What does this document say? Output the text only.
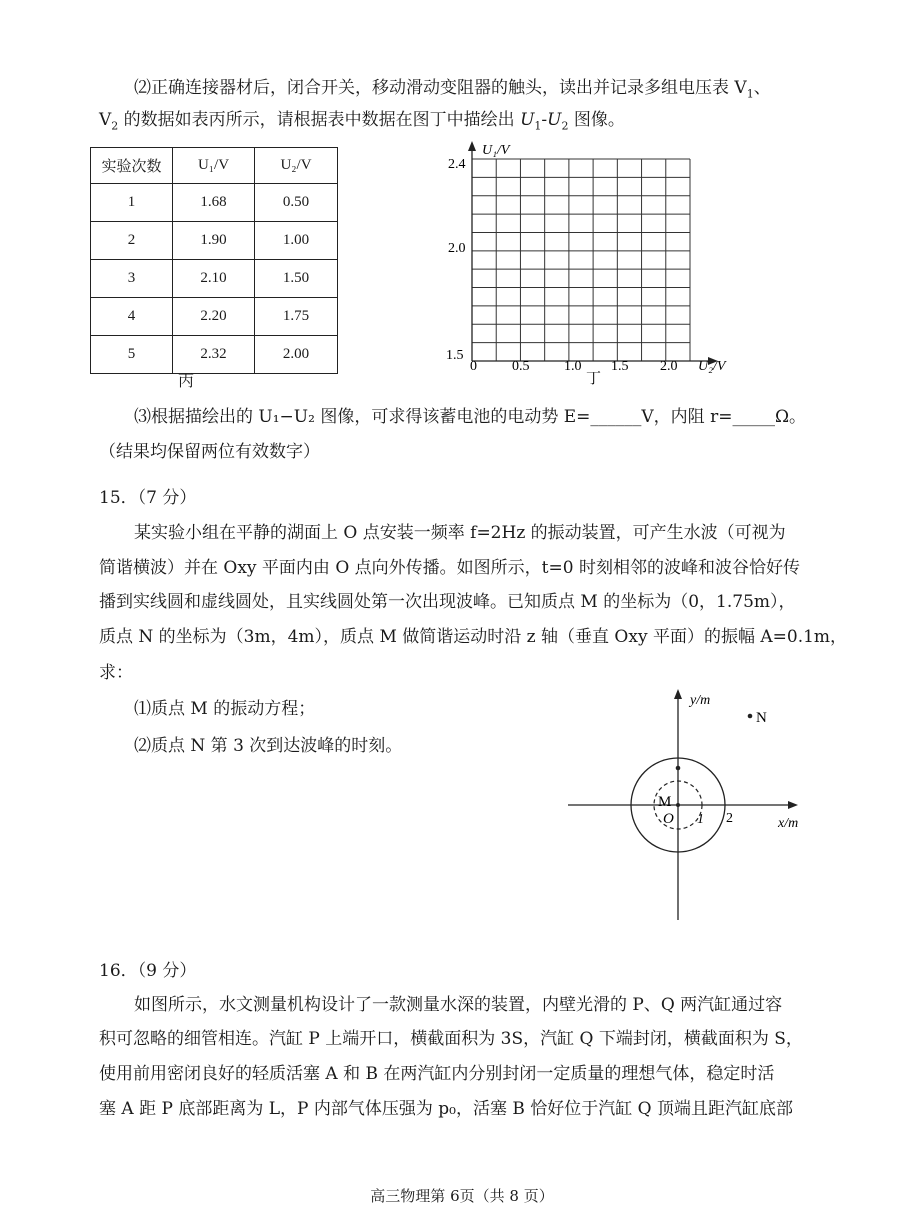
⑵正确连接器材后，闭合开关，移动滑动变阻器的触头，读出并记录多组电压表 $V_1$、
$V_2$ 的数据如表丙所示，请根据表中数据在图丁中描绘出 $U_1-U_2$ 图像。
实验次数	U₁/V	U₂/V
1	1.68	0.50
2	1.90	1.00
3	2.10	1.50
4	2.20	1.75
5	2.32	2.00
丙
U₁/V
U₂/V
2.4
2.0
1.5
0	0.5 1.0 1.5 2.0
丁
⑶根据描绘出的 U₁−U₂ 图像，可求得该蓄电池的电动势 E=______V，内阻 r=_____Ω。
（结果均保留两位有效数字）
15．（7 分）
某实验小组在平静的湖面上 O 点安装一频率 f=2Hz 的振动装置，可产生水波（可视为
简谐横波）并在 Oxy 平面内由 O 点向外传播。如图所示，t=0 时刻相邻的波峰和波谷恰好传
播到实线圆和虚线圆处，且实线圆处第一次出现波峰。已知质点 M 的坐标为（0，1.75m），
质点 N 的坐标为（3m，4m），质点 M 做简谐运动时沿 z 轴（垂直 Oxy 平面）的振幅 A=0.1m，
求：
⑴质点 M 的振动方程；
⑵质点 N 第 3 次到达波峰的时刻。
y/m
x/m
N
M
O 1 2
16．（9 分）
如图所示，水文测量机构设计了一款测量水深的装置，内壁光滑的 P、Q 两汽缸通过容
积可忽略的细管相连。汽缸 P 上端开口，横截面积为 3S，汽缸 Q 下端封闭，横截面积为 S，
使用前用密闭良好的轻质活塞 A 和 B 在两汽缸内分别封闭一定质量的理想气体，稳定时活
塞 A 距 P 底部距离为 L，P 内部气体压强为 p₀，活塞 B 恰好位于汽缸 Q 顶端且距汽缸底部
高三物理第 6页（共 8 页）
